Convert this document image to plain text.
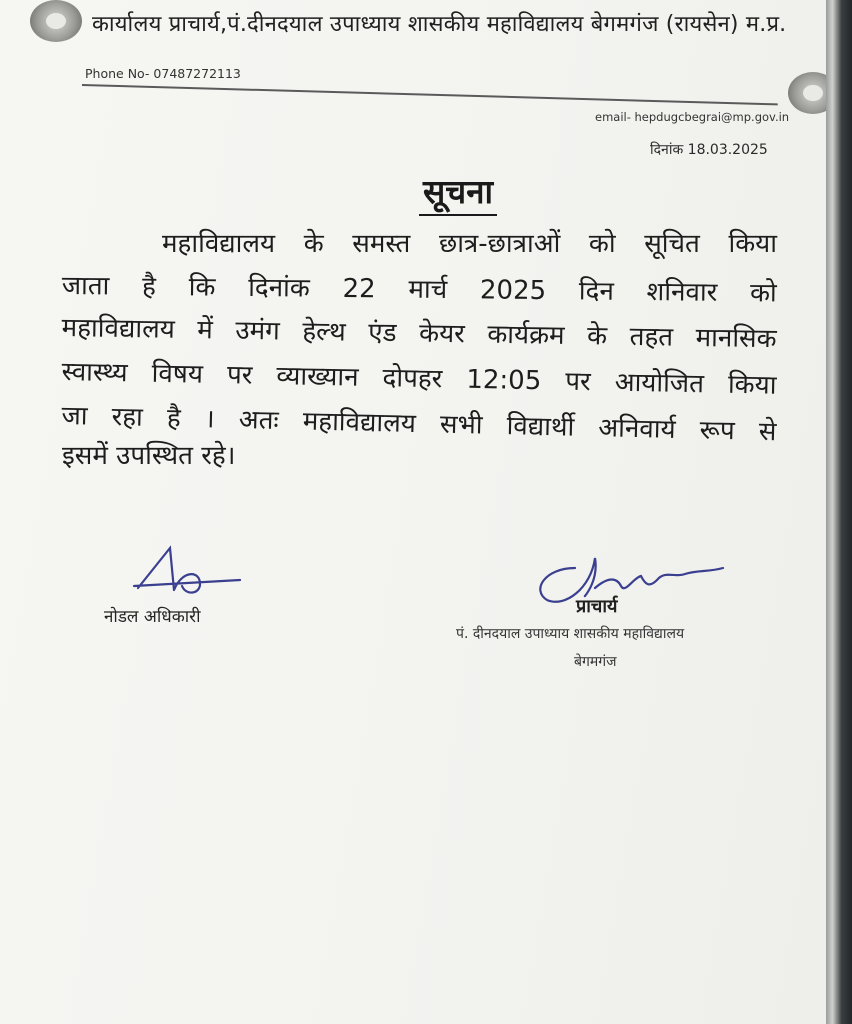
कार्यालय प्राचार्य,पं.दीनदयाल उपाध्याय शासकीय महाविद्यालय बेगमगंज (रायसेन) म.प्र.
Phone No- 07487272113
email- hepdugcbegrai@mp.gov.in
दिनांक 18.03.2025
सूचना
महाविद्यालय के समस्त छात्र-छात्राओं को सूचित किया
जाता है कि दिनांक 22 मार्च 2025 दिन शनिवार को
महाविद्यालय में उमंग हेल्थ एंड केयर कार्यक्रम के तहत मानसिक
स्वास्थ्य विषय पर व्याख्यान दोपहर 12:05 पर आयोजित किया
जा रहा है । अतः महाविद्यालय सभी विद्यार्थी अनिवार्य रूप से
इसमें उपस्थित रहे।
नोडल अधिकारी	प्राचार्य
पं. दीनदयाल उपाध्याय शासकीय महाविद्यालय
बेगमगंज
